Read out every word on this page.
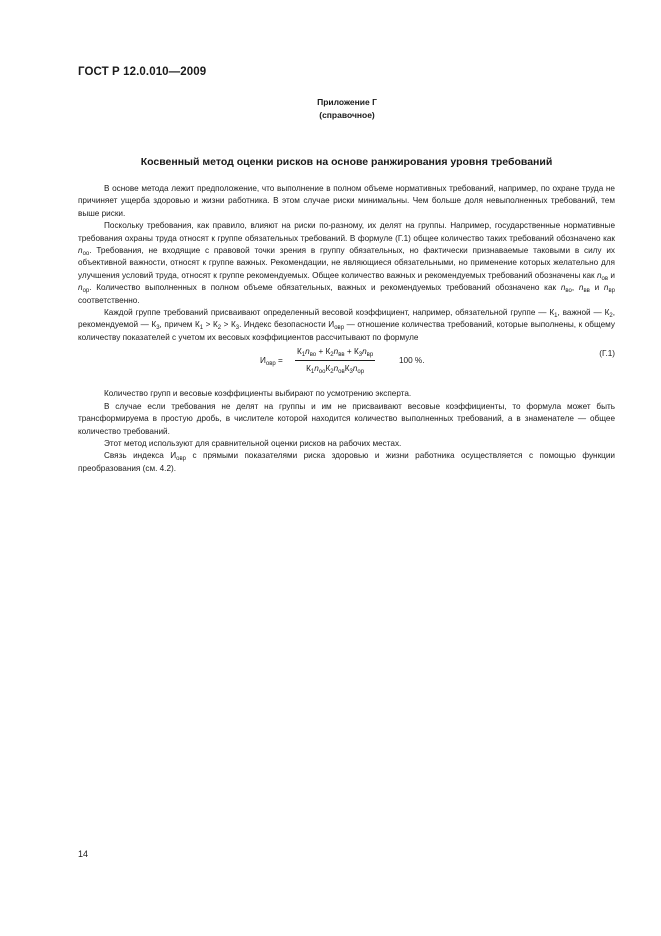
ГОСТ Р 12.0.010—2009
Приложение Г
(справочное)
Косвенный метод оценки рисков на основе ранжирования уровня требований

В основе метода лежит предположение, что выполнение в полном объеме нормативных требований, например, по охране труда не причиняет ущерба здоровью и жизни работника. В этом случае риски минимальны. Чем больше доля невыполненных требований, тем выше риски.

Поскольку требования, как правило, влияют на риски по-разному, их делят на группы. Например, государственные нормативные требования охраны труда относят к группе обязательных требований. В формуле (Г.1) общее количество таких требований обозначено как $n_{оо}$. Требования, не входящие с правовой точки зрения в группу обязательных, но фактически признаваемые таковыми в силу их объективной важности, относят к группе важных. Рекомендации, не являющиеся обязательными, но применение которых желательно для улучшения условий труда, относят к группе рекомендуемых. Общее количество важных и рекомендуемых требований обозначены как $n_{ов}$ и $n_{ор}$. Количество выполненных в полном объеме обязательных, важных и рекомендуемых требований обозначено как $n_{во}$, $n_{вв}$ и $n_{вр}$ соответственно.

Каждой группе требований присваивают определенный весовой коэффициент, например, обязательной группе — $К_1$, важной — $К_2$, рекомендуемой — $К_3$, причем $К_1 > К_2 > К_3$. Индекс безопасности $И_{овр}$ — отношение количества требований, которые выполнены, к общему количеству показателей с учетом их весовых коэффициентов рассчитывают по формуле

$И_{овр}$ =
$К_1n_{во} + К_2n_{вв} + К_3n_{вр}$
$К_1n_{оо}К_2n_{ов}К_3n_{ор}$
100 %.
(Г.1)

Количество групп и весовые коэффициенты выбирают по усмотрению эксперта.

В случае если требования не делят на группы и им не присваивают весовые коэффициенты, то формула может быть трансформируема в простую дробь, в числителе которой находится количество выполненных требований, а в знаменателе — общее количество требований.

Этот метод используют для сравнительной оценки рисков на рабочих местах.

Связь индекса $И_{овр}$ с прямыми показателями риска здоровью и жизни работника осуществляется с помощью функции преобразования (см. 4.2).

14
